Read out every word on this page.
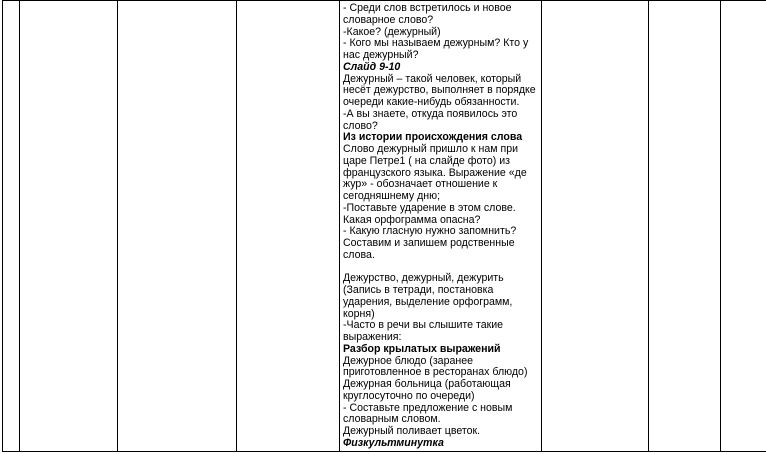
- Среди слов встретилось и новое
словарное слово?
-Какое? (дежурный)
- Кого мы называем дежурным? Кто у
нас дежурный?
Слайд 9-10
Дежурный – такой человек, который
несёт дежурство, выполняет в порядке
очереди какие-нибудь обязанности.
-А вы знаете, откуда появилось это
слово?
Из истории происхождения слова
Слово дежурный пришло к нам при
царе Петре1 ( на слайде фото) из
французского языка. Выражение «де
жур» - обозначает отношение к
сегодняшнему дню;
-Поставьте ударение в этом слове.
Какая орфограмма опасна?
- Какую гласную нужно запомнить?
Составим и запишем родственные
слова.
Дежурство, дежурный, дежурить
(Запись в тетради, постановка
ударения, выделение орфограмм,
корня)
-Часто в речи вы слышите такие
выражения:
Разбор крылатых выражений
Дежурное блюдо (заранее
приготовленное в ресторанах блюдо)
Дежурная больница (работающая
круглосуточно по очереди)
- Составьте предложение с новым
словарным словом.
Дежурный поливает цветок.
Физкультминутка
